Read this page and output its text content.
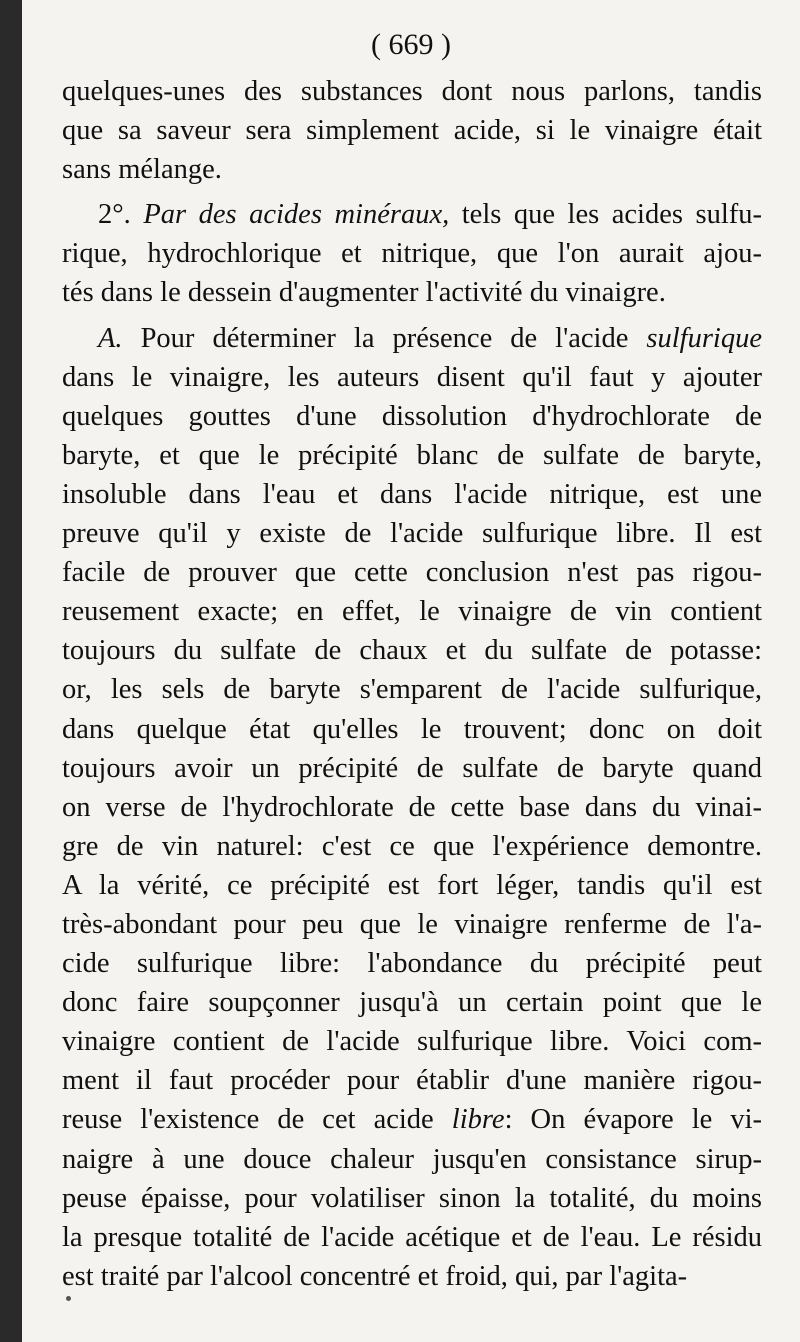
( 669 )
quelques-unes des substances dont nous parlons, tandis
que sa saveur sera simplement acide, si le vinaigre était
sans mélange.
2°. Par des acides minéraux, tels que les acides sulfu-
rique, hydrochlorique et nitrique, que l'on aurait ajou-
tés dans le dessein d'augmenter l'activité du vinaigre.
A. Pour déterminer la présence de l'acide sulfurique
dans le vinaigre, les auteurs disent qu'il faut y ajouter
quelques gouttes d'une dissolution d'hydrochlorate de
baryte, et que le précipité blanc de sulfate de baryte,
insoluble dans l'eau et dans l'acide nitrique, est une
preuve qu'il y existe de l'acide sulfurique libre. Il est
facile de prouver que cette conclusion n'est pas rigou-
reusement exacte; en effet, le vinaigre de vin contient
toujours du sulfate de chaux et du sulfate de potasse:
or, les sels de baryte s'emparent de l'acide sulfurique,
dans quelque état qu'elles le trouvent; donc on doit
toujours avoir un précipité de sulfate de baryte quand
on verse de l'hydrochlorate de cette base dans du vinai-
gre de vin naturel: c'est ce que l'expérience demontre.
A la vérité, ce précipité est fort léger, tandis qu'il est
très-abondant pour peu que le vinaigre renferme de l'a-
cide sulfurique libre: l'abondance du précipité peut
donc faire soupçonner jusqu'à un certain point que le
vinaigre contient de l'acide sulfurique libre. Voici com-
ment il faut procéder pour établir d'une manière rigou-
reuse l'existence de cet acide libre: On évapore le vi-
naigre à une douce chaleur jusqu'en consistance sirup-
peuse épaisse, pour volatiliser sinon la totalité, du moins
la presque totalité de l'acide acétique et de l'eau. Le résidu
est traité par l'alcool concentré et froid, qui, par l'agita-
